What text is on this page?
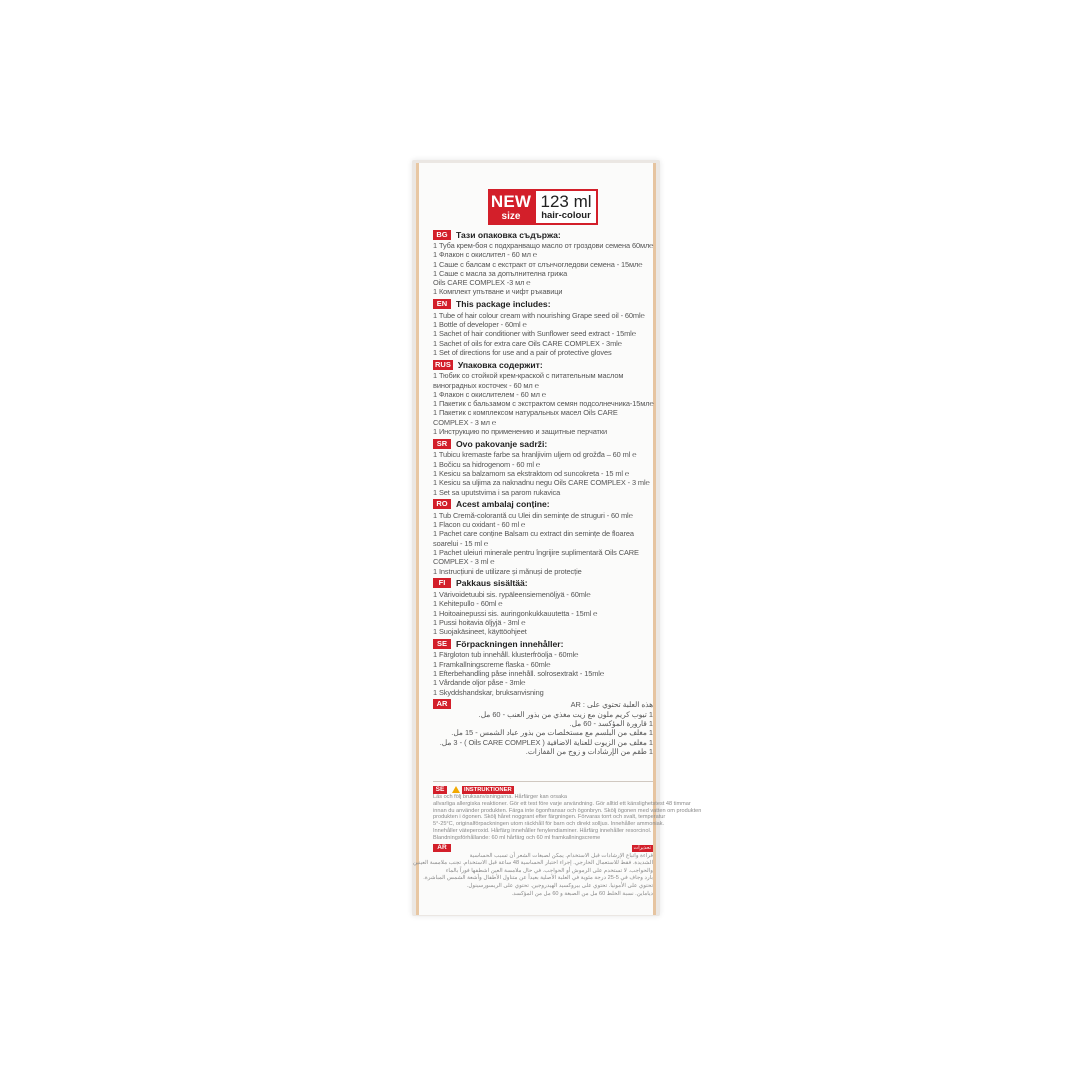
NEW
size
123 ml
hair-colour
BG Тази опаковка съдържа:
1 Туба крем-боя с подхранващо масло от гроздови семена 60мл℮
1 Флакон с окислител - 60 мл ℮
1 Саше с балсам с екстракт от слънчогледови семена - 15мл℮
1 Саше с масла за допълнителна грижа
Oils CARE COMPLEX -3 мл ℮
1 Комплект упътване и чифт ръкавици
EN	This package includes:
1 Tube of hair colour cream with nourishing Grape seed oil - 60ml℮
1 Bottle of developer - 60ml ℮
1 Sachet of hair conditioner with Sunflower seed extract - 15ml℮
1 Sachet of oils for extra care Oils CARE COMPLEX - 3ml℮
1 Set of directions for use and a pair of protective gloves
RUS Упаковка содержит:
1 Тюбик со стойкой крем-краской с питательным маслом
виноградных косточек - 60 мл ℮
1 Флакон с окислителем - 60 мл ℮
1 Пакетик с бальзамом с экстрактом семян подсолнечника-15мл℮
1 Пакетик с комплексом натуральных масел Oils CARE
COMPLEX - 3 мл ℮
1 Инструкцию по применению и защитные перчатки
SR	Ovo pakovanje sadrži:
1 Tubicu kremaste farbe sa hranljivim uljem od grožđa – 60 ml ℮
1 Bočicu sa hidrogenom - 60 ml ℮
1 Kesicu sa balzamom sa ekstraktom od suncokreta - 15 ml ℮
1 Kesicu sa uljima za naknadnu negu Oils CARE COMPLEX - 3 ml℮
1 Set sa uputstvima i sa parom rukavica
RO Acest ambalaj conține:
1 Tub Cremă-colorantă cu Ulei din semințe de struguri - 60 ml℮
1 Flacon cu oxidant - 60 ml ℮
1 Pachet care conține Balsam cu extract din semințe de floarea
soarelui - 15 ml ℮
1 Pachet uleiuri minerale pentru îngrijire suplimentară Oils CARE
COMPLEX - 3 ml ℮
1 Instrucțiuni de utilizare și mănuși de protecție
FI	Pakkaus sisältää:
1 Värivoidetuubi sis. rypäleensiemenöljyä - 60ml℮
1 Kehitepullo - 60ml ℮
1 Hoitoainepussi sis. auringonkukkauutetta - 15ml ℮
1 Pussi hoitavia öljyjä - 3ml ℮
1 Suojakäsineet, käyttöohjeet
SE	Förpackningen innehåller:
1 Färgloton tub innehåll. klusterfröolja - 60ml℮
1 Framkallningscreme flaska - 60ml℮
1 Efterbehandling påse innehåll. solrosextrakt - 15ml℮
1 Vårdande oljor påse - 3ml℮
1 Skyddshandskar, bruksanvisning
AR	هذه العلبة تحتوي على : AR
1 تيوب كريم ملون مع زيت مغذي من بذور العنب - 60 مل.
1 قارورة المؤكسد - 60 مل.
1 مغلف من البلسم مع مستخلصات من بذور عباد الشمس - 15 مل.
1 مغلف من الزيوت للعناية الاضافية ( Oils CARE COMPLEX ) - 3 مل.
1 طقم من الإرشادات و زوج من القفازات.
SE	INSTRUKTIONER
Läs och följ bruksanvisningarna. Hårfärger kan orsaka
allvarliga allergiska reaktioner. Gör ett test före varje användning. Gör alltid ett känslighetstest 48 timmar
innan du använder produkten. Färga inte ögonfransar och ögonbryn. Skölj ögonen med vatten om produkten
produkten i ögonen. Skölj håret noggrant efter färgningen. Förvaras torrt och svalt, temperatur
5°-25°C, originalförpackningen utom räckhåll för barn och direkt solljus. Innehåller ammoniak.
Innehåller väteperoxid. Hårfärg innehåller fenylendiaminer. Hårfärg innehåller resorcinol.
Blandningsförhållande: 60 ml hårfärg och 60 ml framkallningscreme
AR	تحذيرات
قراءة واتباع الإرشادات قبل الاستخدام. يمكن لصبغات الشعر أن تسبب الحساسية
الشديدة. فقط للاستعمال الخارجي. إجراء اختبار الحساسية 48 ساعة قبل الاستخدام. تجنب ملامسة العينين
والحواجب. لا تستخدم على الرموش أو الحواجب. في حال ملامسة العين اشطفها فوراً بالماء
بارد وجاف في 5-25 درجة مئوية في العلبة الأصلية بعيداً عن متناول الأطفال وأشعة الشمس المباشرة.
تحتوي على الأمونيا. تحتوي على بيروكسيد الهيدروجين. تحتوي على الريسورسينول.
دياماين. نسبة الخلط 60 مل من الصبغة و 60 مل من المؤكسد.
